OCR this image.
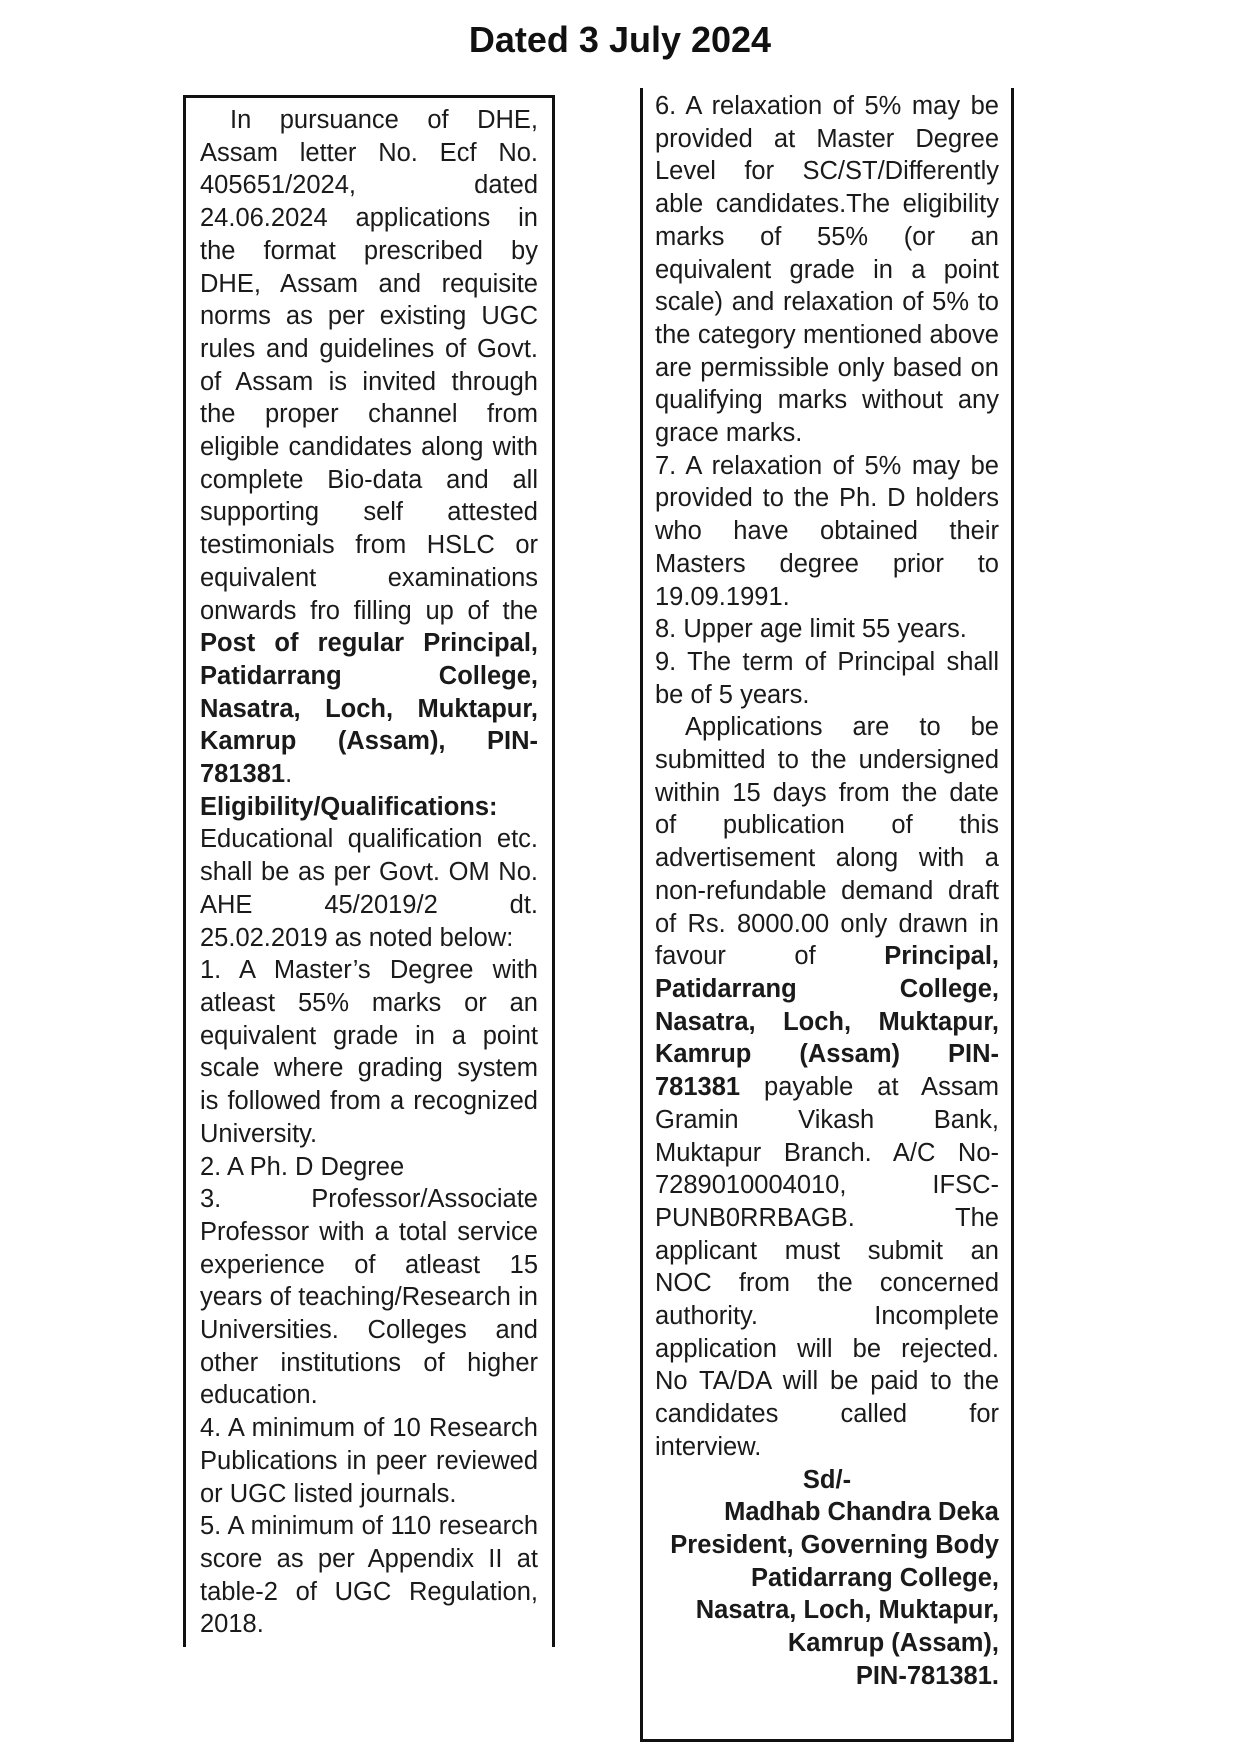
Dated 3 July 2024

In pursuance of DHE, Assam letter No. Ecf No. 405651/2024, dated 24.06.2024 applications in the format prescribed by DHE, Assam and requisite norms as per existing UGC rules and guidelines of Govt. of Assam is invited through the proper channel from eligible candidates along with complete Bio-data and all supporting self attested testimonials from HSLC or equivalent examinations onwards fro filling up of the Post of regular Principal, Patidarrang College, Nasatra, Loch, Muktapur, Kamrup (Assam), PIN-781381.

Eligibility/Qualifications:

Educational qualification etc. shall be as per Govt. OM No. AHE 45/2019/2 dt. 25.02.2019 as noted below:

1. A Master’s Degree with atleast 55% marks or an equivalent grade in a point scale where grading system is followed from a recognized University.

2. A Ph. D Degree

3. Professor/Associate Professor with a total service experience of atleast 15 years of teaching/Research in Universities. Colleges and other institutions of higher education.

4. A minimum of 10 Research Publications in peer reviewed or UGC listed journals.

5. A minimum of 110 research score as per Appendix II at table-2 of UGC Regulation, 2018.

6. A relaxation of 5% may be provided at Master Degree Level for SC/ST/Differently able candidates.The eligibility marks of 55% (or an equivalent grade in a point scale) and relaxation of 5% to the category mentioned above are permissible only based on qualifying marks without any grace marks.

7. A relaxation of 5% may be provided to the Ph. D holders who have obtained their Masters degree prior to 19.09.1991.

8. Upper age limit 55 years.

9. The term of Principal shall be of 5 years.

Applications are to be submitted to the undersigned within 15 days from the date of publication of this advertisement along with a non-refundable demand draft of Rs. 8000.00 only drawn in favour of	Principal, Patidarrang College, Nasatra, Loch, Muktapur, Kamrup (Assam) PIN-781381 payable at Assam Gramin Vikash Bank, Muktapur Branch. A/C No-7289010004010, IFSC-PUNB0RRBAGB. The applicant must submit an NOC from the concerned authority. Incomplete application will be rejected. No TA/DA will be paid to the candidates called for interview.

Sd/-
Madhab Chandra Deka
President, Governing Body
Patidarrang College,
Nasatra, Loch, Muktapur,
Kamrup (Assam),
PIN-781381.
